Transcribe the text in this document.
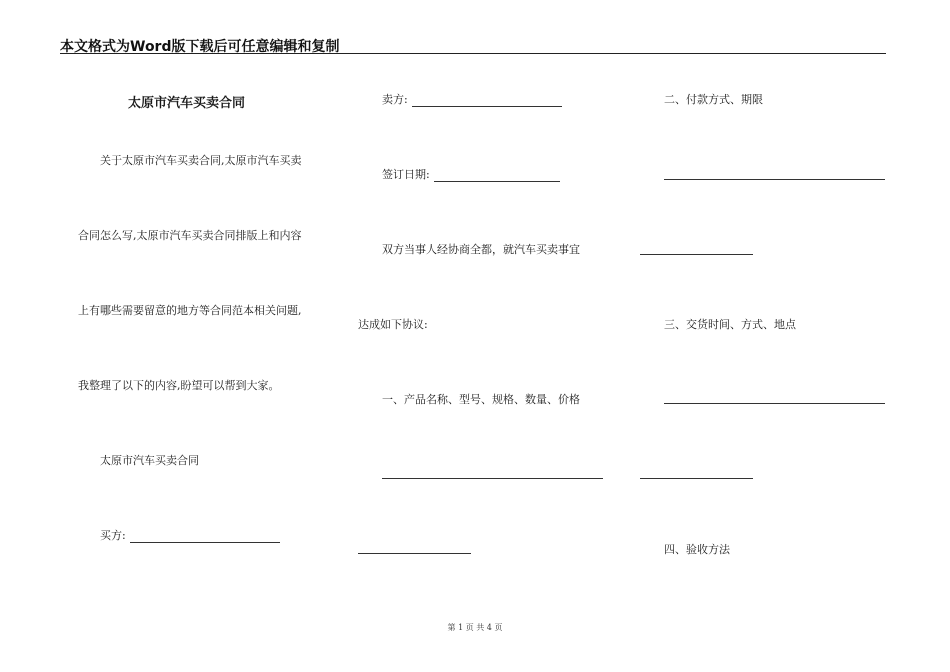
本文格式为Word版下载后可任意编辑和复制
太原市汽车买卖合同
关于太原市汽车买卖合同,太原市汽车买卖
合同怎么写,太原市汽车买卖合同排版上和内容
上有哪些需要留意的地方等合同范本相关问题,
我整理了以下的内容,盼望可以帮到大家。
太原市汽车买卖合同
买方:
卖方:
签订日期:
双方当事人经协商全都，就汽车买卖事宜
达成如下协议:
一、产品名称、型号、规格、数量、价格
二、付款方式、期限
三、交货时间、方式、地点
四、验收方法
第 1 页 共 4 页
